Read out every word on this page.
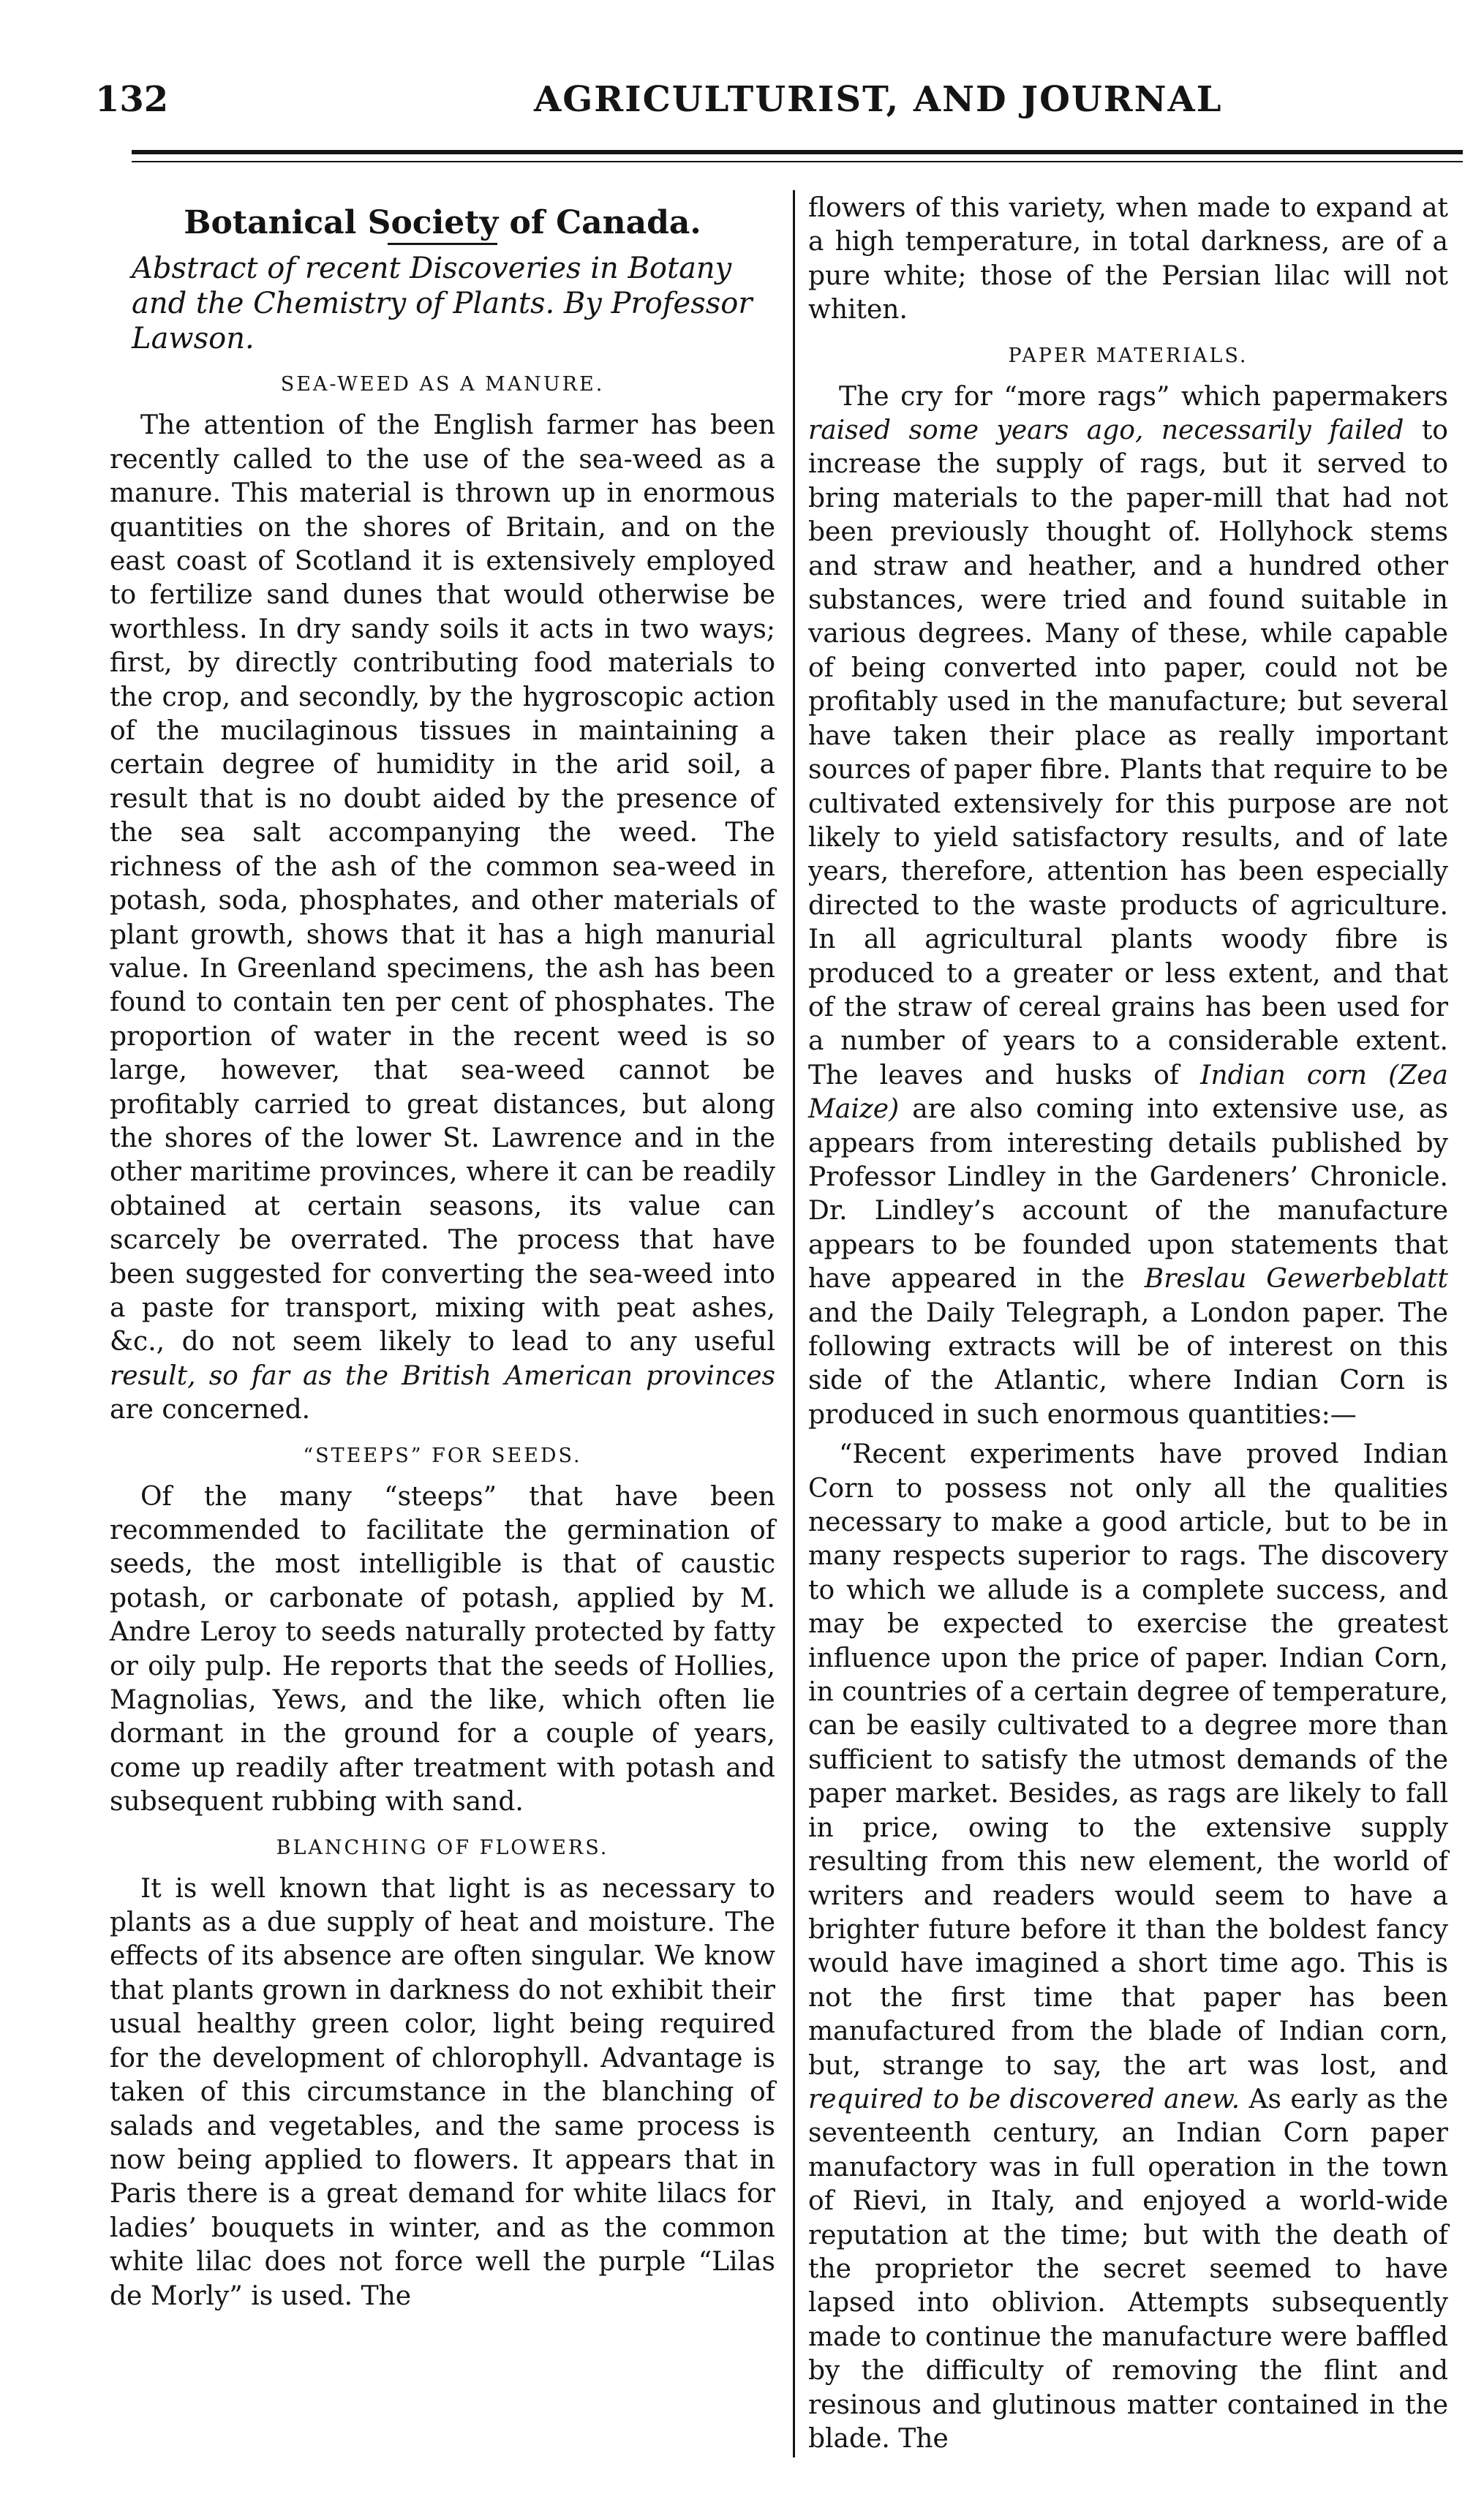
132	AGRICULTURIST, AND JOURNAL
Botanical Society of Canada.
Abstract of recent Discoveries in Botany and the Chemistry of Plants. By Professor Lawson.
SEA-WEED AS A MANURE.

The attention of the English farmer has been recently called to the use of the sea-weed as a manure. This material is thrown up in enormous quantities on the shores of Britain, and on the east coast of Scotland it is extensively employed to fertilize sand dunes that would otherwise be worthless. In dry sandy soils it acts in two ways; first, by directly contributing food materials to the crop, and secondly, by the hygroscopic action of the mucilaginous tissues in maintaining a certain degree of humidity in the arid soil, a result that is no doubt aided by the presence of the sea salt accompanying the weed. The richness of the ash of the common sea-weed in potash, soda, phosphates, and other materials of plant growth, shows that it has a high manurial value. In Greenland specimens, the ash has been found to contain ten per cent of phosphates. The proportion of water in the recent weed is so large, however, that sea-weed cannot be profitably carried to great distances, but along the shores of the lower St. Lawrence and in the other maritime provinces, where it can be readily obtained at certain seasons, its value can scarcely be overrated. The process that have been suggested for converting the sea-weed into a paste for transport, mixing with peat ashes, &c., do not seem likely to lead to any useful result, so far as the British American provinces are concerned.

“STEEPS” FOR SEEDS.

Of the many “steeps” that have been recommended to facilitate the germination of seeds, the most intelligible is that of caustic potash, or carbonate of potash, applied by M. Andre Leroy to seeds naturally protected by fatty or oily pulp. He reports that the seeds of Hollies, Magnolias, Yews, and the like, which often lie dormant in the ground for a couple of years, come up readily after treatment with potash and subsequent rubbing with sand.

BLANCHING OF FLOWERS.

It is well known that light is as necessary to plants as a due supply of heat and moisture. The effects of its absence are often singular. We know that plants grown in darkness do not exhibit their usual healthy green color, light being required for the development of chlorophyll. Advantage is taken of this circumstance in the blanching of salads and vegetables, and the same process is now being applied to flowers. It appears that in Paris there is a great demand for white lilacs for ladies’ bouquets in winter, and as the common white lilac does not force well the purple “Lilas de Morly” is used. The

flowers of this variety, when made to expand at a high temperature, in total darkness, are of a pure white; those of the Persian lilac will not whiten.

PAPER MATERIALS.

The cry for “more rags” which papermakers raised some years ago, necessarily failed to increase the supply of rags, but it served to bring materials to the paper-mill that had not been previously thought of. Hollyhock stems and straw and heather, and a hundred other substances, were tried and found suitable in various degrees. Many of these, while capable of being converted into paper, could not be profitably used in the manufacture; but several have taken their place as really important sources of paper fibre. Plants that require to be cultivated extensively for this purpose are not likely to yield satisfactory results, and of late years, therefore, attention has been especially directed to the waste products of agriculture. In all agricultural plants woody fibre is produced to a greater or less extent, and that of the straw of cereal grains has been used for a number of years to a considerable extent. The leaves and husks of Indian corn (Zea Maize) are also coming into extensive use, as appears from interesting details published by Professor Lindley in the Gardeners’ Chronicle. Dr. Lindley’s account of the manufacture appears to be founded upon statements that have appeared in the Breslau Gewerbeblatt and the Daily Telegraph, a London paper. The following extracts will be of interest on this side of the Atlantic, where Indian Corn is produced in such enormous quantities:—

“Recent experiments have proved Indian Corn to possess not only all the qualities necessary to make a good article, but to be in many respects superior to rags. The discovery to which we allude is a complete success, and may be expected to exercise the greatest influence upon the price of paper. Indian Corn, in countries of a certain degree of temperature, can be easily cultivated to a degree more than sufficient to satisfy the utmost demands of the paper market. Besides, as rags are likely to fall in price, owing to the extensive supply resulting from this new element, the world of writers and readers would seem to have a brighter future before it than the boldest fancy would have imagined a short time ago. This is not the first time that paper has been manufactured from the blade of Indian corn, but, strange to say, the art was lost, and required to be discovered anew. As early as the seventeenth century, an Indian Corn paper manufactory was in full operation in the town of Rievi, in Italy, and enjoyed a world-wide reputation at the time; but with the death of the proprietor the secret seemed to have lapsed into oblivion. Attempts subsequently made to continue the manufacture were baffled by the difficulty of removing the flint and resinous and glutinous matter contained in the blade. The
